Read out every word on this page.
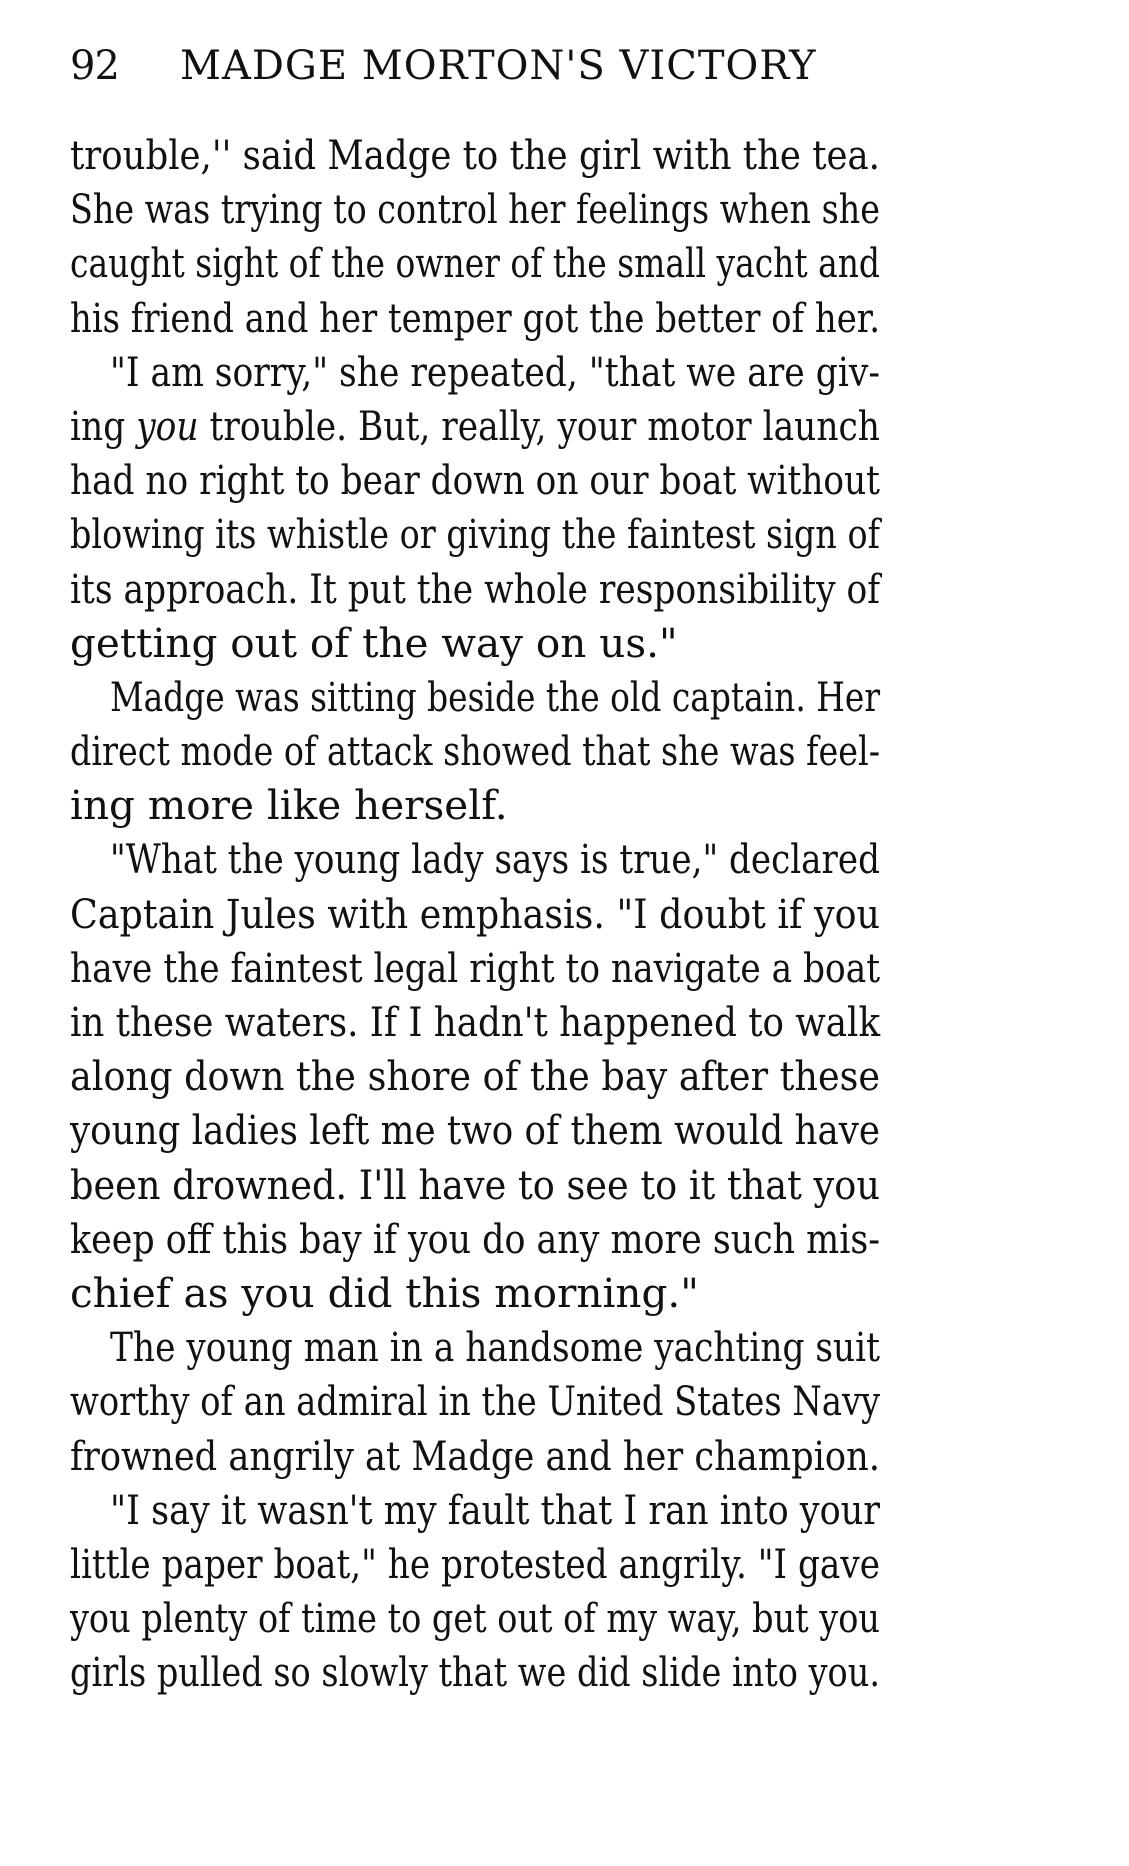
92 MADGE MORTON'S VICTORY
trouble,'' said Madge to the girl with the tea.
She was trying to control her feelings when she
caught sight of the owner of the small yacht and
his friend and her temper got the better of her.
"I am sorry," she repeated, "that we are giv-
ing you trouble. But, really, your motor launch
had no right to bear down on our boat without
blowing its whistle or giving the faintest sign of
its approach. It put the whole responsibility of
getting out of the way on us."
Madge was sitting beside the old captain. Her
direct mode of attack showed that she was feel-
ing more like herself.
"What the young lady says is true," declared
Captain Jules with emphasis. "I doubt if you
have the faintest legal right to navigate a boat
in these waters. If I hadn't happened to walk
along down the shore of the bay after these
young ladies left me two of them would have
been drowned. I'll have to see to it that you
keep off this bay if you do any more such mis-
chief as you did this morning."
The young man in a handsome yachting suit
worthy of an admiral in the United States Navy
frowned angrily at Madge and her champion.
"I say it wasn't my fault that I ran into your
little paper boat," he protested angrily. "I gave
you plenty of time to get out of my way, but you
girls pulled so slowly that we did slide into you.
